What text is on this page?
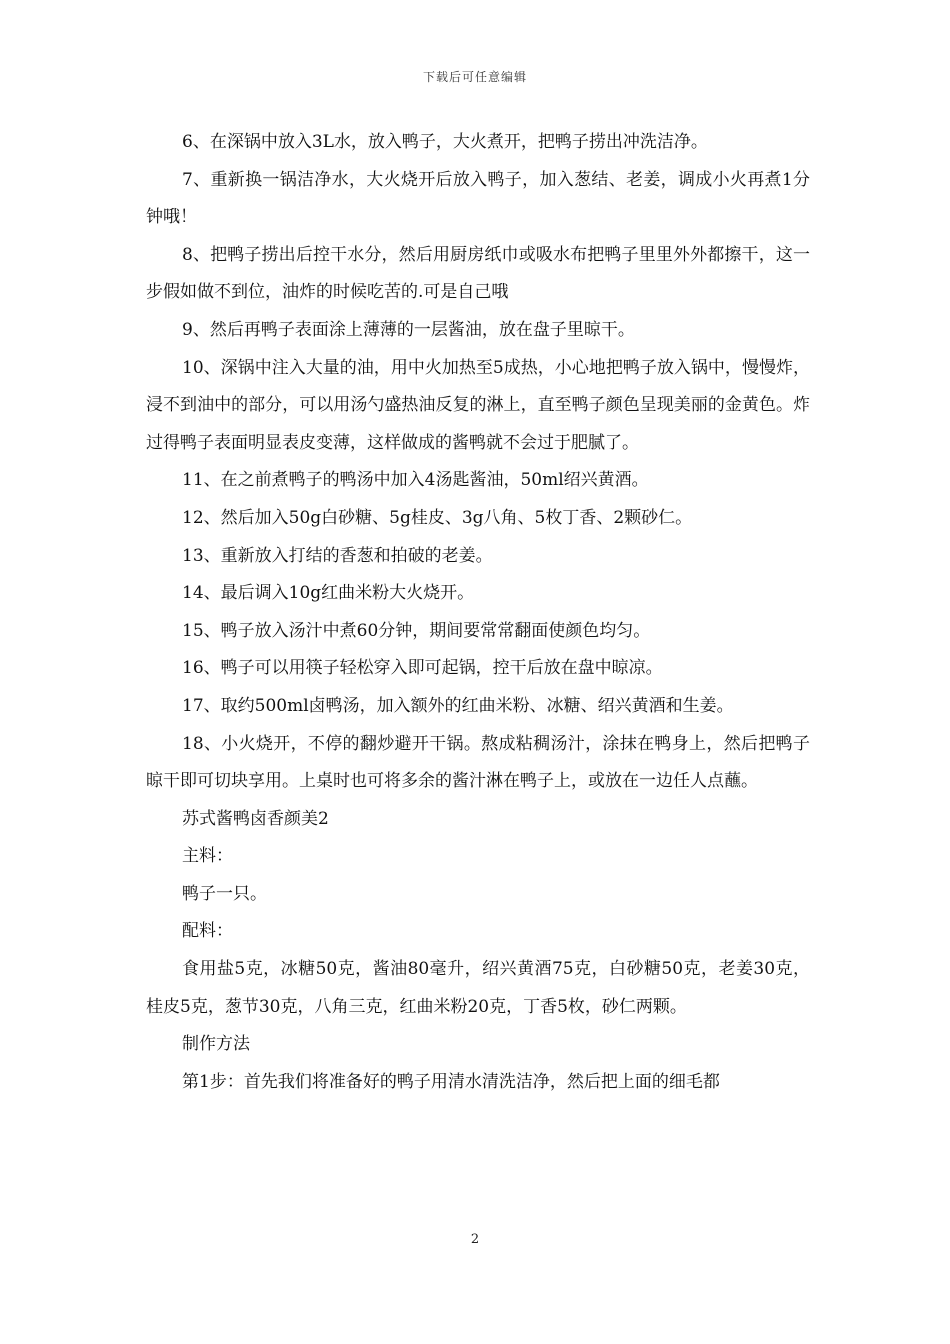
下载后可任意编辑

6、在深锅中放入3L水，放入鸭子，大火煮开，把鸭子捞出冲洗洁净。

7、重新换一锅洁净水，大火烧开后放入鸭子，加入葱结、老姜，调成小火再煮1分钟哦！

8、把鸭子捞出后控干水分，然后用厨房纸巾或吸水布把鸭子里里外外都擦干，这一步假如做不到位，油炸的时候吃苦的.可是自己哦

9、然后再鸭子表面涂上薄薄的一层酱油，放在盘子里晾干。

10、深锅中注入大量的油，用中火加热至5成热，小心地把鸭子放入锅中，慢慢炸，浸不到油中的部分，可以用汤勺盛热油反复的淋上，直至鸭子颜色呈现美丽的金黄色。炸过得鸭子表面明显表皮变薄，这样做成的酱鸭就不会过于肥腻了。

11、在之前煮鸭子的鸭汤中加入4汤匙酱油，50ml绍兴黄酒。

12、然后加入50g白砂糖、5g桂皮、3g八角、5枚丁香、2颗砂仁。

13、重新放入打结的香葱和拍破的老姜。

14、最后调入10g红曲米粉大火烧开。

15、鸭子放入汤汁中煮60分钟，期间要常常翻面使颜色均匀。

16、鸭子可以用筷子轻松穿入即可起锅，控干后放在盘中晾凉。

17、取约500ml卤鸭汤，加入额外的红曲米粉、冰糖、绍兴黄酒和生姜。

18、小火烧开，不停的翻炒避开干锅。熬成粘稠汤汁，涂抹在鸭身上，然后把鸭子晾干即可切块享用。上桌时也可将多余的酱汁淋在鸭子上，或放在一边任人点蘸。

苏式酱鸭卤香颜美2

主料：

鸭子一只。

配料：

食用盐5克，冰糖50克，酱油80毫升，绍兴黄酒75克，白砂糖50克，老姜30克，桂皮5克，葱节30克，八角三克，红曲米粉20克，丁香5枚，砂仁两颗。

制作方法

第1步：首先我们将准备好的鸭子用清水清洗洁净，然后把上面的细毛都

2
